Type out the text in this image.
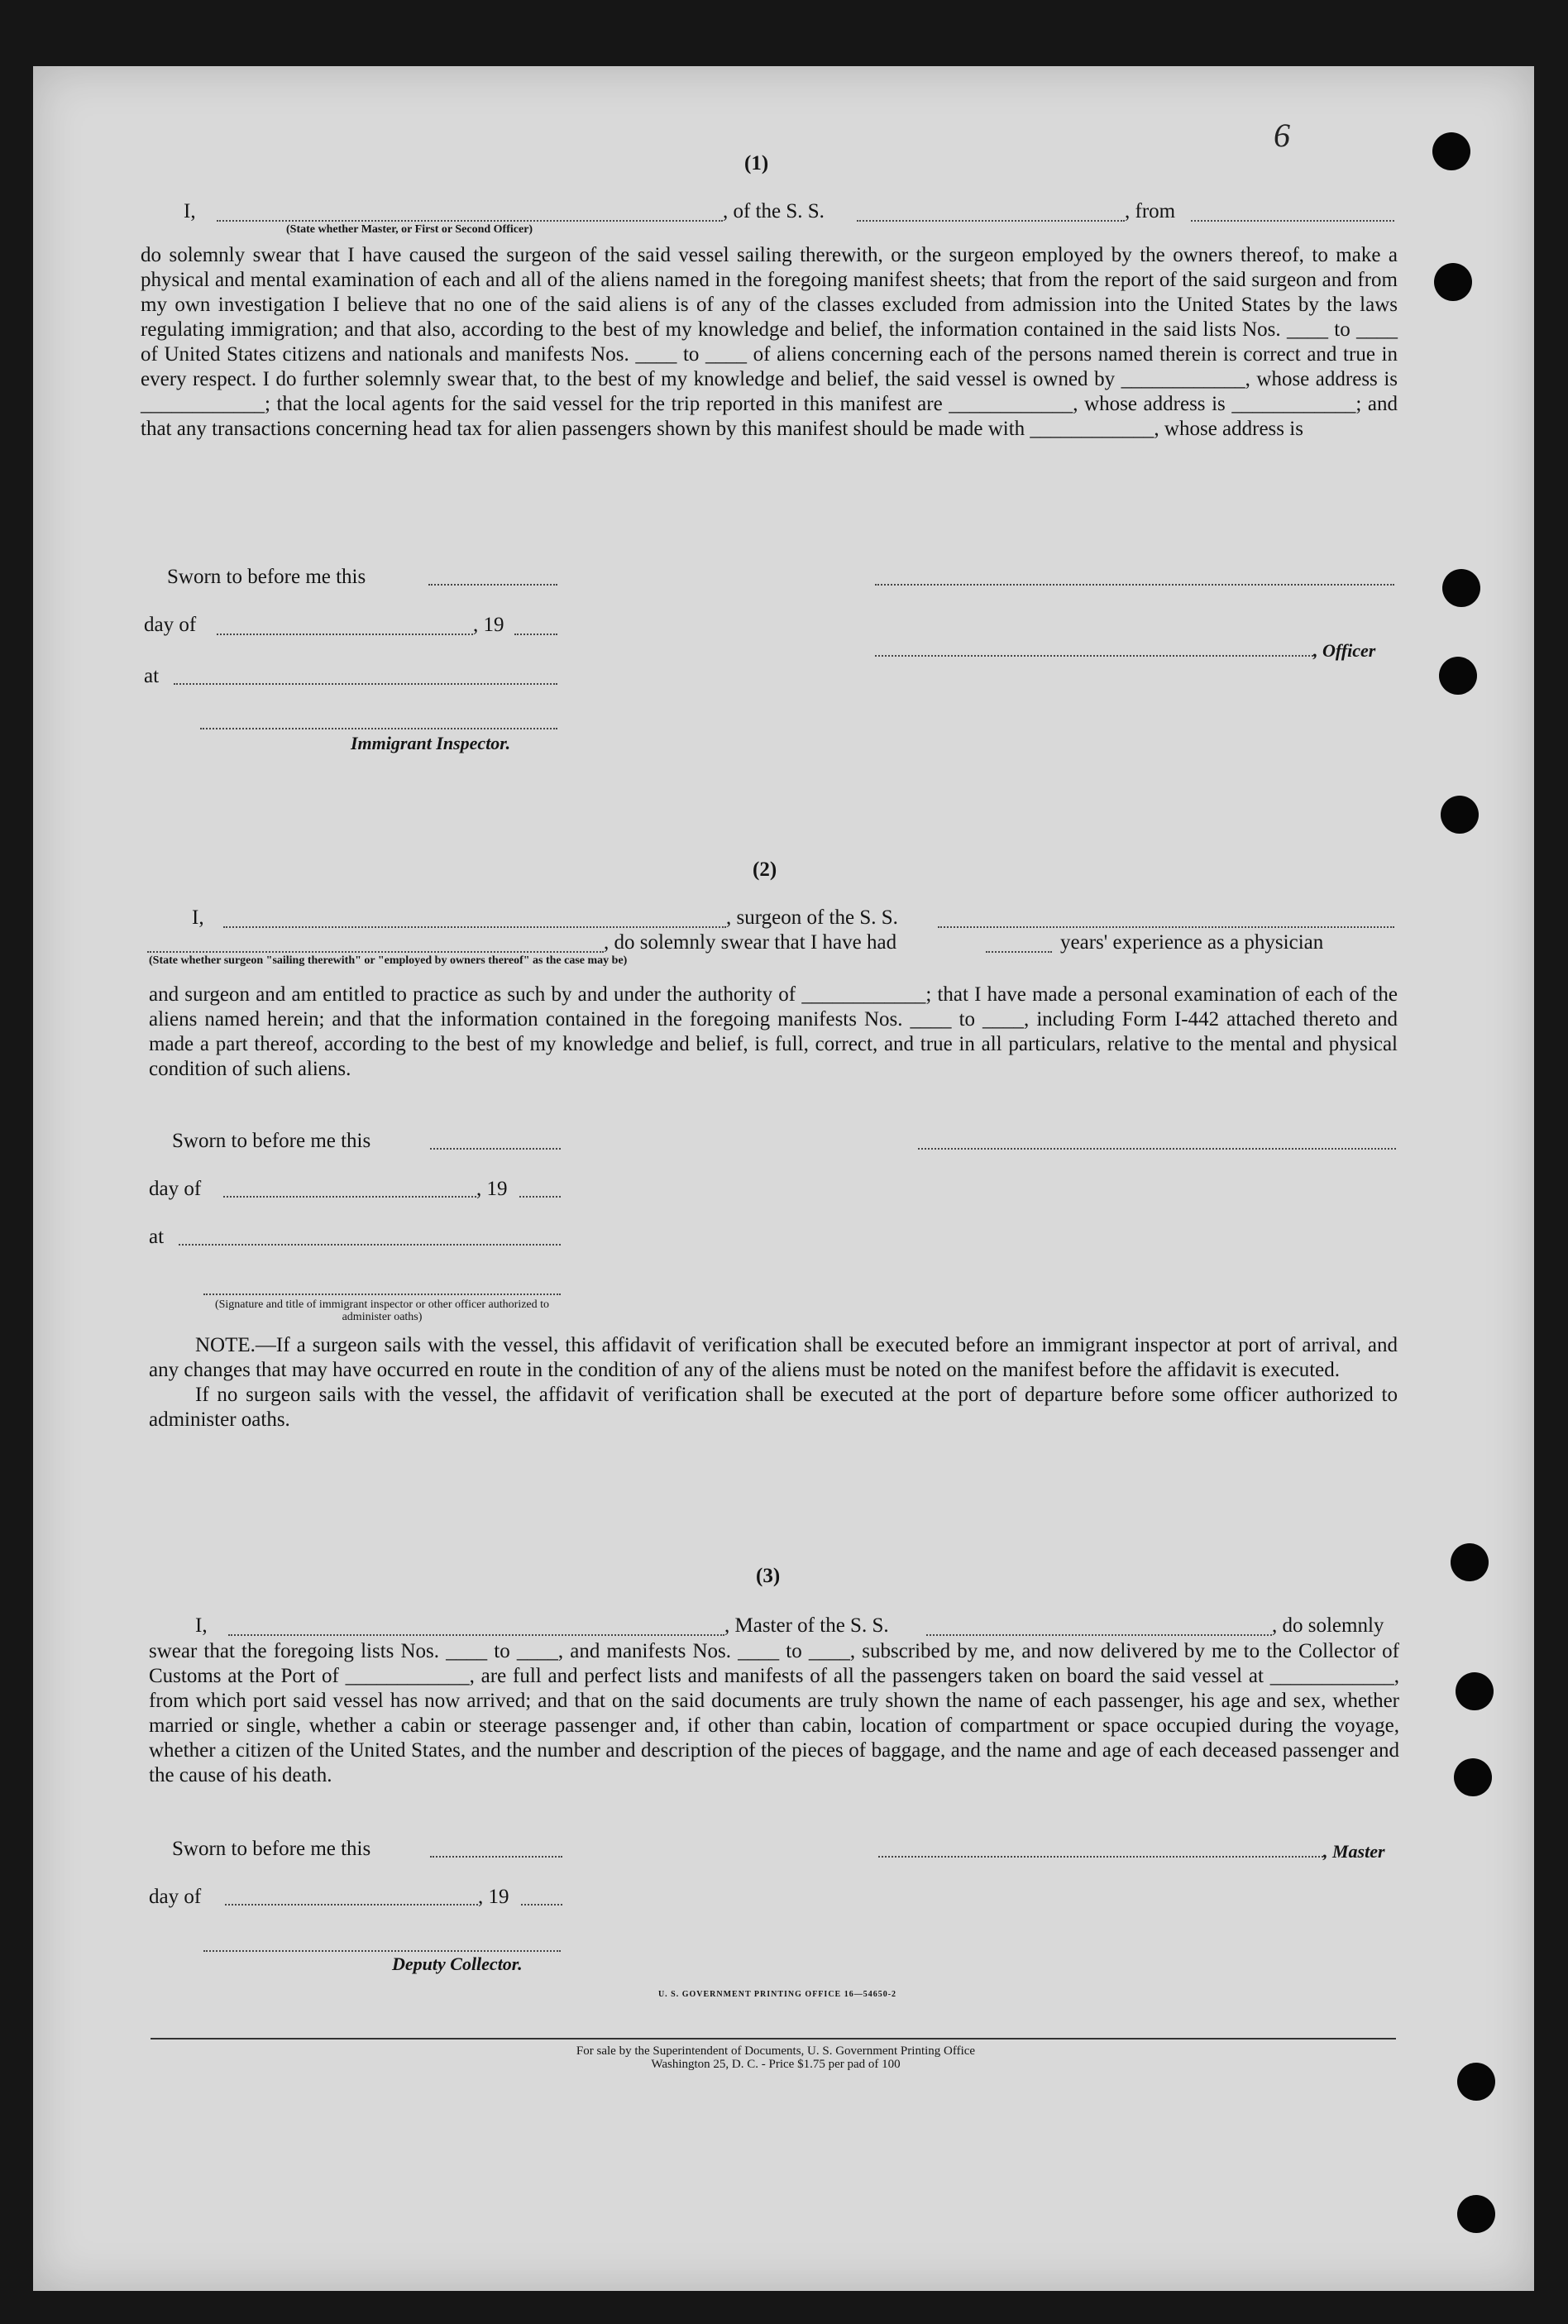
6
(1)
I,	, of the S. S.	, from
(State whether Master, or First or Second Officer)

do solemnly swear that I have caused the surgeon of the said vessel sailing therewith, or the surgeon employed by the owners thereof, to make a physical and mental examination of each and all of the aliens named in the foregoing manifest sheets; that from the report of the said surgeon and from my own investigation I believe that no one of the said aliens is of any of the classes excluded from admission into the United States by the laws regulating immigration; and that also, according to the best of my knowledge and belief, the information contained in the said lists Nos. ____ to ____ of United States citizens and nationals and manifests Nos. ____ to ____ of aliens concerning each of the persons named therein is correct and true in every respect. I do further solemnly swear that, to the best of my knowledge and belief, the said vessel is owned by ____________, whose address is ____________; that the local agents for the said vessel for the trip reported in this manifest are ____________, whose address is ____________; and that any transactions concerning head tax for alien passengers shown by this manifest should be made with ____________, whose address is

Sworn to before me this
day of	, 19
, Officer
at
Immigrant Inspector.
(2)
I,	, surgeon of the S. S.
, do solemnly swear that I have had	years' experience as a physician
(State whether surgeon "sailing therewith" or "employed by owners thereof" as the case may be)

and surgeon and am entitled to practice as such by and under the authority of ____________; that I have made a personal examination of each of the aliens named herein; and that the information contained in the foregoing manifests Nos. ____ to ____, including Form I-442 attached thereto and made a part thereof, according to the best of my knowledge and belief, is full, correct, and true in all particulars, relative to the mental and physical condition of such aliens.

Sworn to before me this
day of	, 19
at
(Signature and title of immigrant inspector or other officer authorized to administer oaths)

NOTE.—If a surgeon sails with the vessel, this affidavit of verification shall be executed before an immigrant inspector at port of arrival, and any changes that may have occurred en route in the condition of any of the aliens must be noted on the manifest before the affidavit is executed.

If no surgeon sails with the vessel, the affidavit of verification shall be executed at the port of departure before some officer authorized to administer oaths.

(3)
I,	, Master of the S. S.	, do solemnly

swear that the foregoing lists Nos. ____ to ____, and manifests Nos. ____ to ____, subscribed by me, and now delivered by me to the Collector of Customs at the Port of ____________, are full and perfect lists and manifests of all the passengers taken on board the said vessel at ____________, from which port said vessel has now arrived; and that on the said documents are truly shown the name of each passenger, his age and sex, whether married or single, whether a cabin or steerage passenger and, if other than cabin, location of compartment or space occupied during the voyage, whether a citizen of the United States, and the number and description of the pieces of baggage, and the name and age of each deceased passenger and the cause of his death.

Sworn to before me this	, Master
day of	, 19
Deputy Collector.
U. S. GOVERNMENT PRINTING OFFICE 16—54650-2
For sale by the Superintendent of Documents, U. S. Government Printing Office
Washington 25, D. C. - Price $1.75 per pad of 100
